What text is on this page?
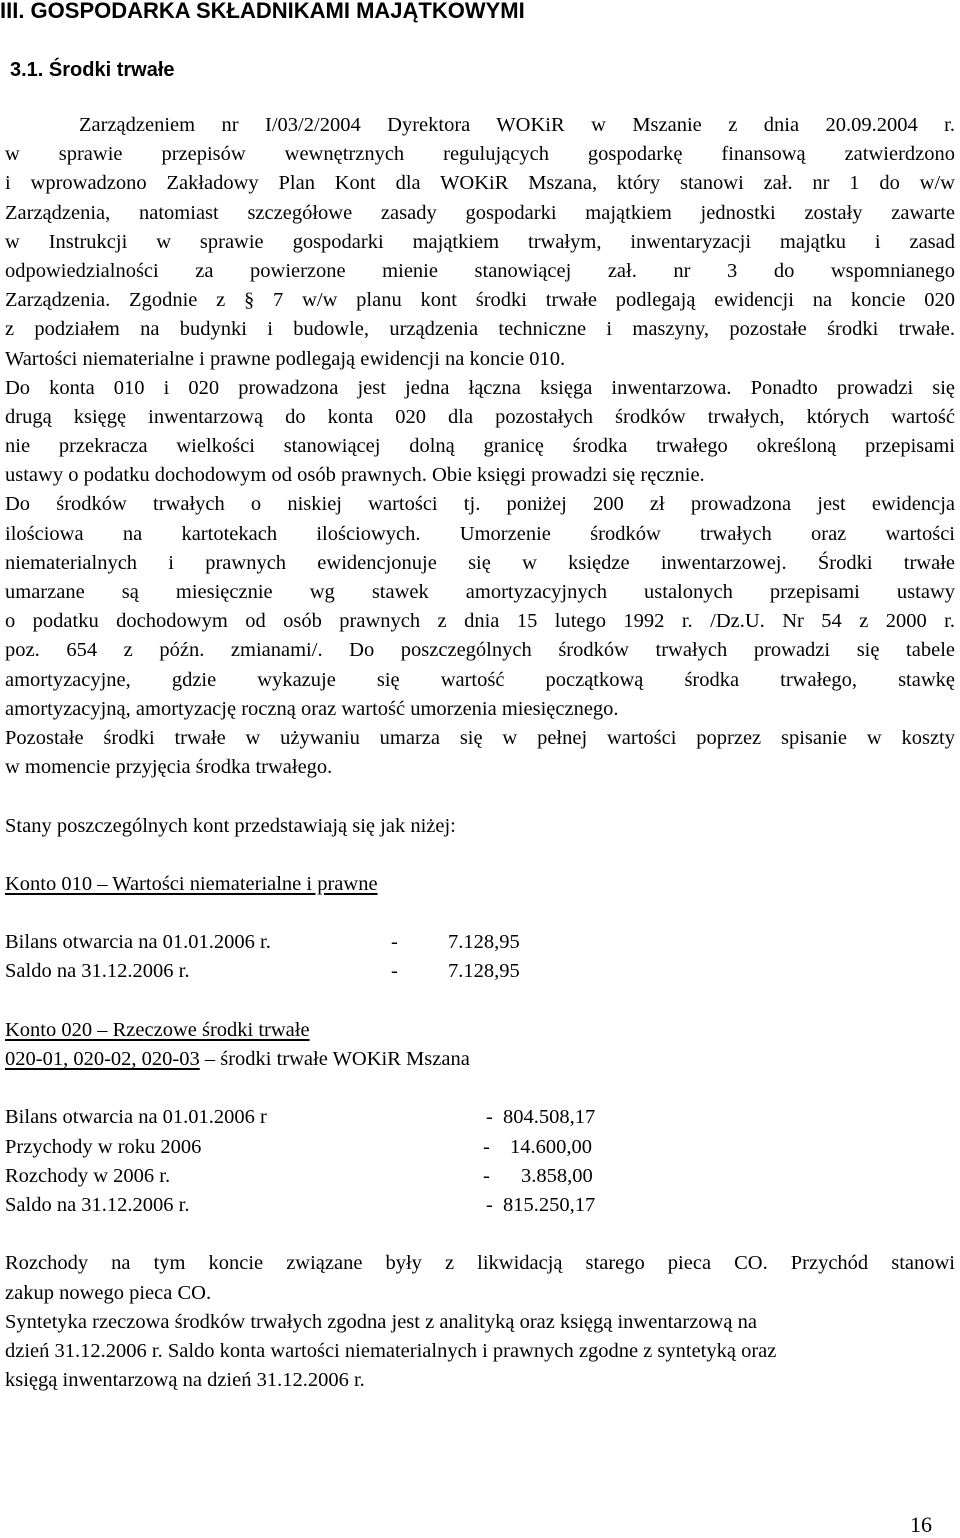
III. GOSPODARKA SKŁADNIKAMI MAJĄTKOWYMI
3.1. Środki trwałe
Zarządzeniem nr I/03/2/2004 Dyrektora WOKiR w Mszanie z dnia 20.09.2004 r.
w sprawie przepisów wewnętrznych regulujących gospodarkę finansową zatwierdzono
i wprowadzono Zakładowy Plan Kont dla WOKiR Mszana, który stanowi zał. nr 1 do w/w
Zarządzenia, natomiast szczegółowe zasady gospodarki majątkiem jednostki zostały zawarte
w Instrukcji w sprawie gospodarki majątkiem trwałym, inwentaryzacji majątku i zasad
odpowiedzialności za powierzone mienie stanowiącej zał. nr 3 do wspomnianego
Zarządzenia. Zgodnie z § 7 w/w planu kont środki trwałe podlegają ewidencji na koncie 020
z podziałem na budynki i budowle, urządzenia techniczne i maszyny, pozostałe środki trwałe.
Wartości niematerialne i prawne podlegają ewidencji na koncie 010.
Do konta 010 i 020 prowadzona jest jedna łączna księga inwentarzowa. Ponadto prowadzi się
drugą księgę inwentarzową do konta 020 dla pozostałych środków trwałych, których wartość
nie przekracza wielkości stanowiącej dolną granicę środka trwałego określoną przepisami
ustawy o podatku dochodowym od osób prawnych. Obie księgi prowadzi się ręcznie.
Do środków trwałych o niskiej wartości tj. poniżej 200 zł prowadzona jest ewidencja
ilościowa na kartotekach ilościowych. Umorzenie środków trwałych oraz wartości
niematerialnych i prawnych ewidencjonuje się w księdze inwentarzowej. Środki trwałe
umarzane są miesięcznie wg stawek amortyzacyjnych ustalonych przepisami ustawy
o podatku dochodowym od osób prawnych z dnia 15 lutego 1992 r. /Dz.U. Nr 54 z 2000 r.
poz. 654 z późn. zmianami/. Do poszczególnych środków trwałych prowadzi się tabele
amortyzacyjne, gdzie wykazuje się wartość początkową środka trwałego, stawkę
amortyzacyjną, amortyzację roczną oraz wartość umorzenia miesięcznego.
Pozostałe środki trwałe w używaniu umarza się w pełnej wartości poprzez spisanie w koszty
w momencie przyjęcia środka trwałego.
Stany poszczególnych kont przedstawiają się jak niżej:
Konto 010 – Wartości niematerialne i prawne
Bilans otwarcia na 01.01.2006 r.	- 7.128,95
Saldo na 31.12.2006 r.	- 7.128,95
Konto 020 – Rzeczowe środki trwałe
020-01, 020-02, 020-03 – środki trwałe WOKiR Mszana
Bilans otwarcia na 01.01.2006 r	- 804.508,17
Przychody w roku 2006	- 14.600,00
Rozchody w 2006 r.	- 3.858,00
Saldo na 31.12.2006 r.	- 815.250,17
Rozchody na tym koncie związane były z likwidacją starego pieca CO. Przychód stanowi
zakup nowego pieca CO.
Syntetyka rzeczowa środków trwałych zgodna jest z analityką oraz księgą inwentarzową na
dzień 31.12.2006 r. Saldo konta wartości niematerialnych i prawnych zgodne z syntetyką oraz
księgą inwentarzową na dzień 31.12.2006 r.
16
